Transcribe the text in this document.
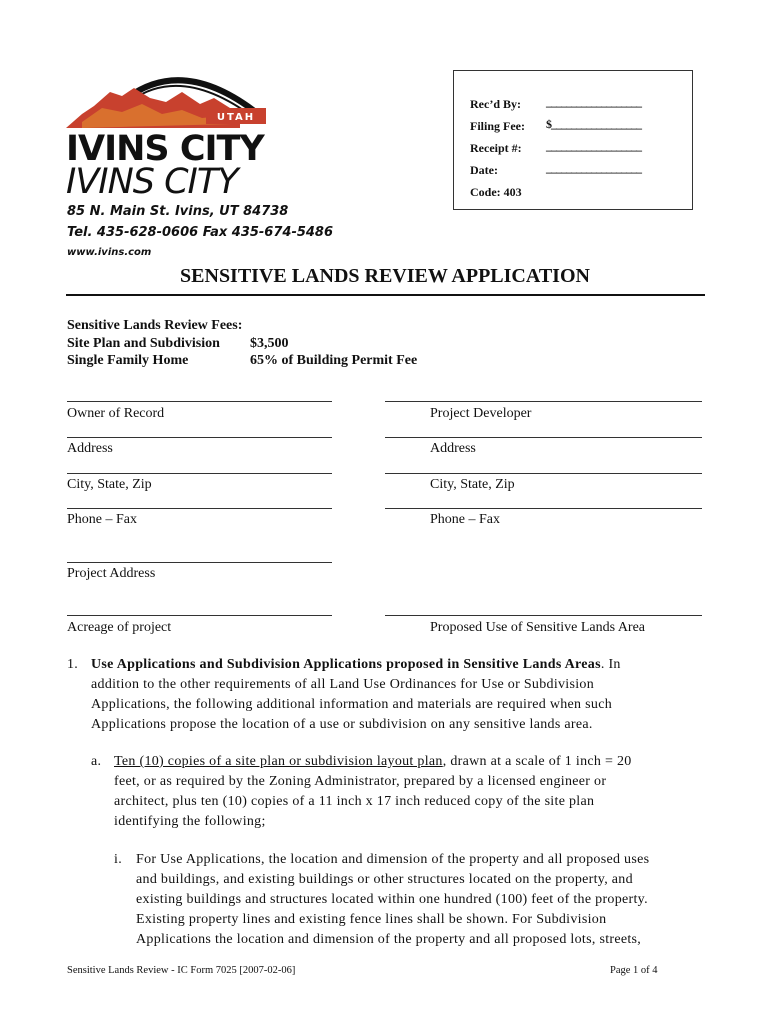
UTAH
IVINS CITY
IVINS CITY
85 N. Main St. Ivins, UT 84738
Tel. 435-628-0606 Fax 435-674-5486
www.ivins.com
Rec’d By: ___________________
Filing Fee: $__________________
Receipt #: ___________________
Date:	___________________
Code: 403
SENSITIVE LANDS REVIEW APPLICATION
Sensitive Lands Review Fees:
Site Plan and Subdivision $3,500
Single Family Home	65% of Building Permit Fee
Owner of Record	Project Developer
Address	Address
City, State, Zip	City, State, Zip
Phone – Fax	Phone – Fax
Project Address
Acreage of project	Proposed Use of Sensitive Lands Area
1. Use Applications and Subdivision Applications proposed in Sensitive Lands Areas. In
addition to the other requirements of all Land Use Ordinances for Use or Subdivision
Applications, the following additional information and materials are required when such
Applications propose the location of a use or subdivision on any sensitive lands area.
a. Ten (10) copies of a site plan or subdivision layout plan, drawn at a scale of 1 inch = 20
feet, or as required by the Zoning Administrator, prepared by a licensed engineer or
architect, plus ten (10) copies of a 11 inch x 17 inch reduced copy of the site plan
identifying the following;
i. For Use Applications, the location and dimension of the property and all proposed uses
and buildings, and existing buildings or other structures located on the property, and
existing buildings and structures located within one hundred (100) feet of the property.
Existing property lines and existing fence lines shall be shown. For Subdivision
Applications the location and dimension of the property and all proposed lots, streets,
Sensitive Lands Review - IC Form 7025 [2007-02-06]	Page 1 of 4
